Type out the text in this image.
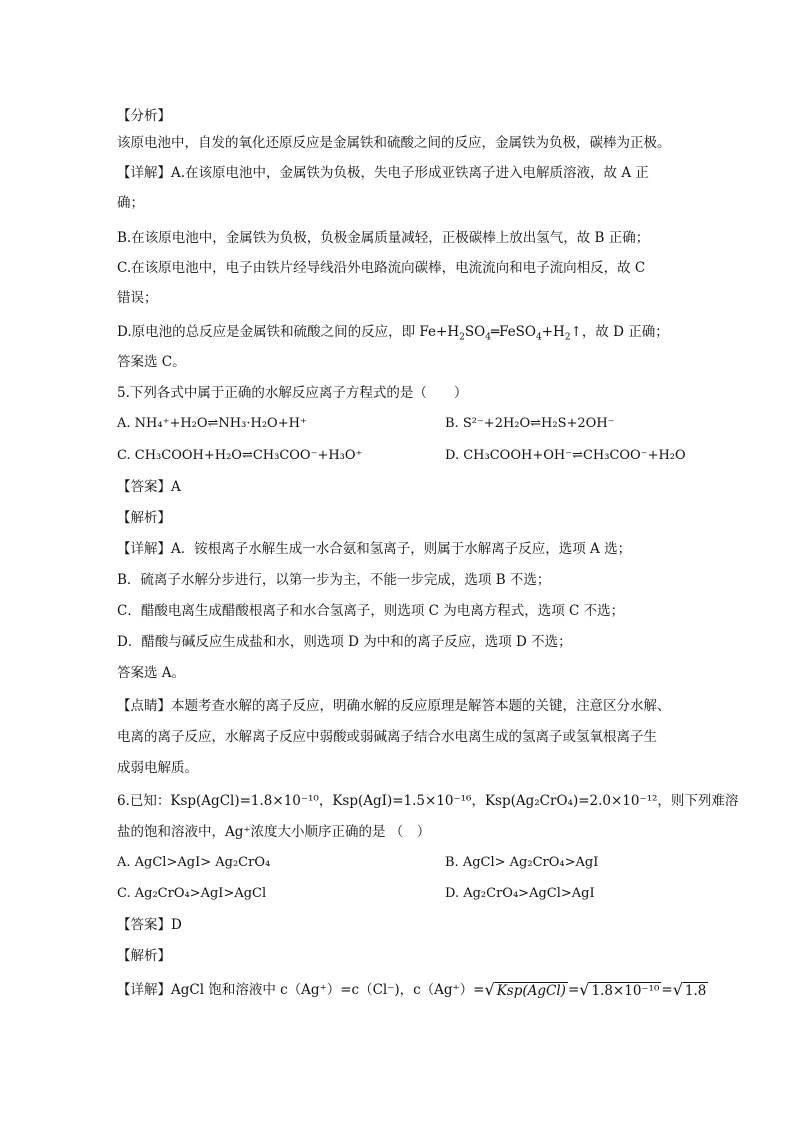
【分析】
该原电池中，自发的氧化还原反应是金属铁和硫酸之间的反应，金属铁为负极，碳棒为正极。
【详解】A.在该原电池中，金属铁为负极，失电子形成亚铁离子进入电解质溶液，故 A 正
确；
B.在该原电池中，金属铁为负极，负极金属质量减轻，正极碳棒上放出氢气，故 B 正确；
C.在该原电池中，电子由铁片经导线沿外电路流向碳棒，电流流向和电子流向相反，故 C
错误；
D.原电池的总反应是金属铁和硫酸之间的反应，即 $Fe+H_2SO_4═FeSO_4+H_2↑$，故 D 正确；
答案选 C。
5.下列各式中属于正确的水解反应离子方程式的是（　　）
A. NH₄⁺+H₂O⇌NH₃·H₂O+H⁺	B. S²⁻+2H₂O⇌H₂S+2OH⁻
C. CH₃COOH+H₂O⇌CH₃COO⁻+H₃O⁺	D. CH₃COOH+OH⁻⇌CH₃COO⁻+H₂O
【答案】A
【解析】
【详解】A．铵根离子水解生成一水合氨和氢离子，则属于水解离子反应，选项 A 选；
B．硫离子水解分步进行，以第一步为主，不能一步完成，选项 B 不选；
C．醋酸电离生成醋酸根离子和水合氢离子，则选项 C 为电离方程式，选项 C 不选；
D．醋酸与碱反应生成盐和水，则选项 D 为中和的离子反应，选项 D 不选；
答案选 A。
【点睛】本题考查水解的离子反应，明确水解的反应原理是解答本题的关键，注意区分水解、
电离的离子反应，水解离子反应中弱酸或弱碱离子结合水电离生成的氢离子或氢氧根离子生
成弱电解质。
6.已知：Ksp(AgCl)=1.8×10⁻¹⁰，Ksp(AgI)=1.5×10⁻¹⁶，Ksp(Ag₂CrO₄)=2.0×10⁻¹²，则下列难溶
盐的饱和溶液中，Ag⁺浓度大小顺序正确的是 （　）
A. AgCl>AgI> Ag₂CrO₄	B. AgCl> Ag₂CrO₄>AgI
C. Ag₂CrO₄>AgI>AgCl	D. Ag₂CrO₄>AgCl>AgI
【答案】D
【解析】
【详解】AgCl 饱和溶液中 c（Ag⁺）=c（Cl⁻)，c（Ag⁺）=√ Ksp(AgCl) =√ 1.8×10⁻¹⁰ =√ 1.8
